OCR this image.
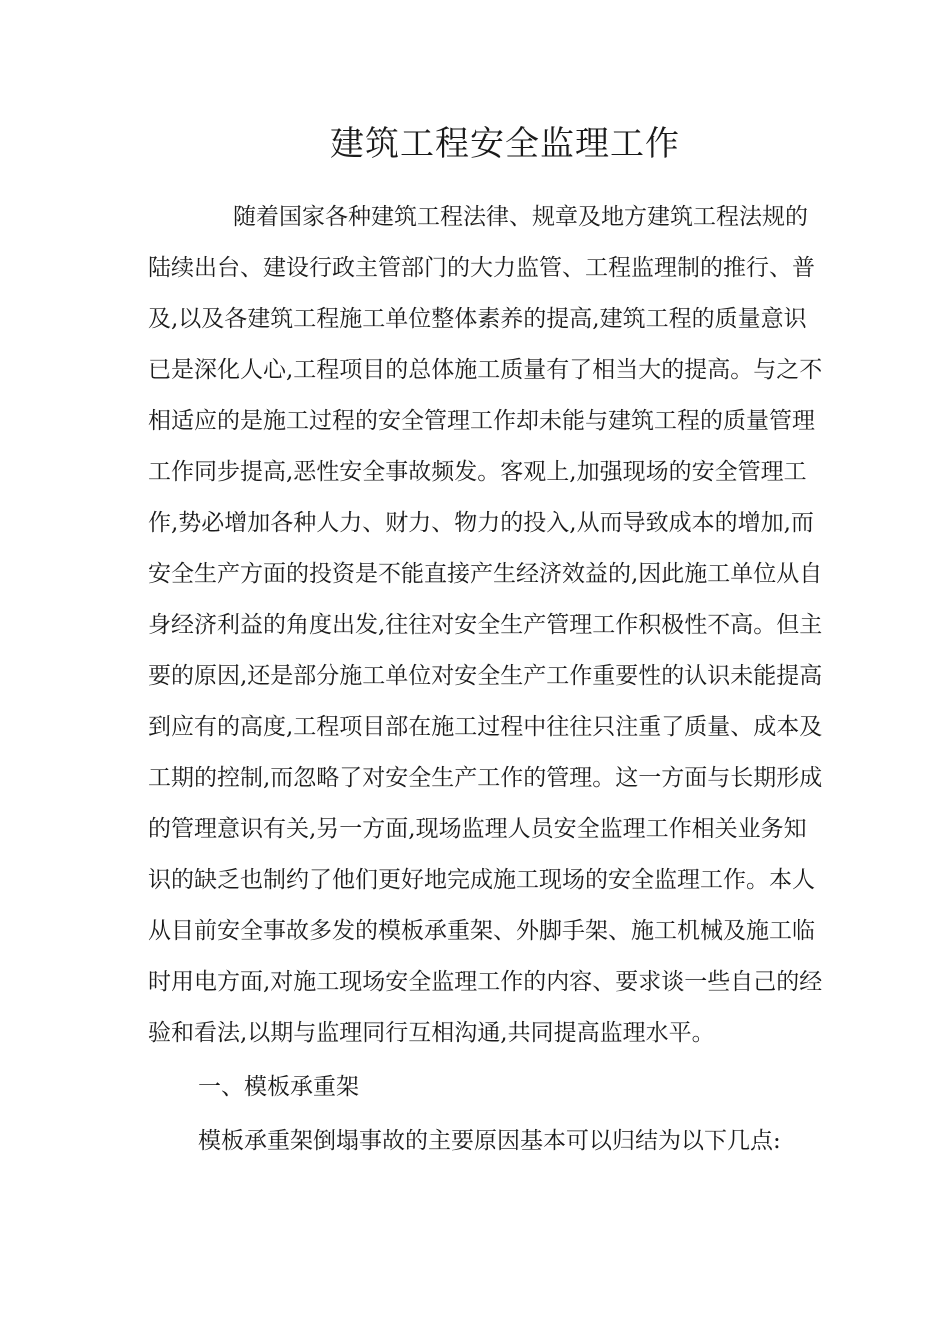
建筑工程安全监理工作
随着国家各种建筑工程法律、规章及地方建筑工程法规的
陆续出台、建设行政主管部门的大力监管、工程监理制的推行、普
及,以及各建筑工程施工单位整体素养的提高,建筑工程的质量意识
已是深化人心,工程项目的总体施工质量有了相当大的提高。与之不
相适应的是施工过程的安全管理工作却未能与建筑工程的质量管理
工作同步提高,恶性安全事故频发。客观上,加强现场的安全管理工
作,势必增加各种人力、财力、物力的投入,从而导致成本的增加,而
安全生产方面的投资是不能直接产生经济效益的,因此施工单位从自
身经济利益的角度出发,往往对安全生产管理工作积极性不高。但主
要的原因,还是部分施工单位对安全生产工作重要性的认识未能提高
到应有的高度,工程项目部在施工过程中往往只注重了质量、成本及
工期的控制,而忽略了对安全生产工作的管理。这一方面与长期形成
的管理意识有关,另一方面,现场监理人员安全监理工作相关业务知
识的缺乏也制约了他们更好地完成施工现场的安全监理工作。本人
从目前安全事故多发的模板承重架、外脚手架、施工机械及施工临
时用电方面,对施工现场安全监理工作的内容、要求谈一些自己的经
验和看法,以期与监理同行互相沟通,共同提高监理水平。
一、模板承重架
模板承重架倒塌事故的主要原因基本可以归结为以下几点:
